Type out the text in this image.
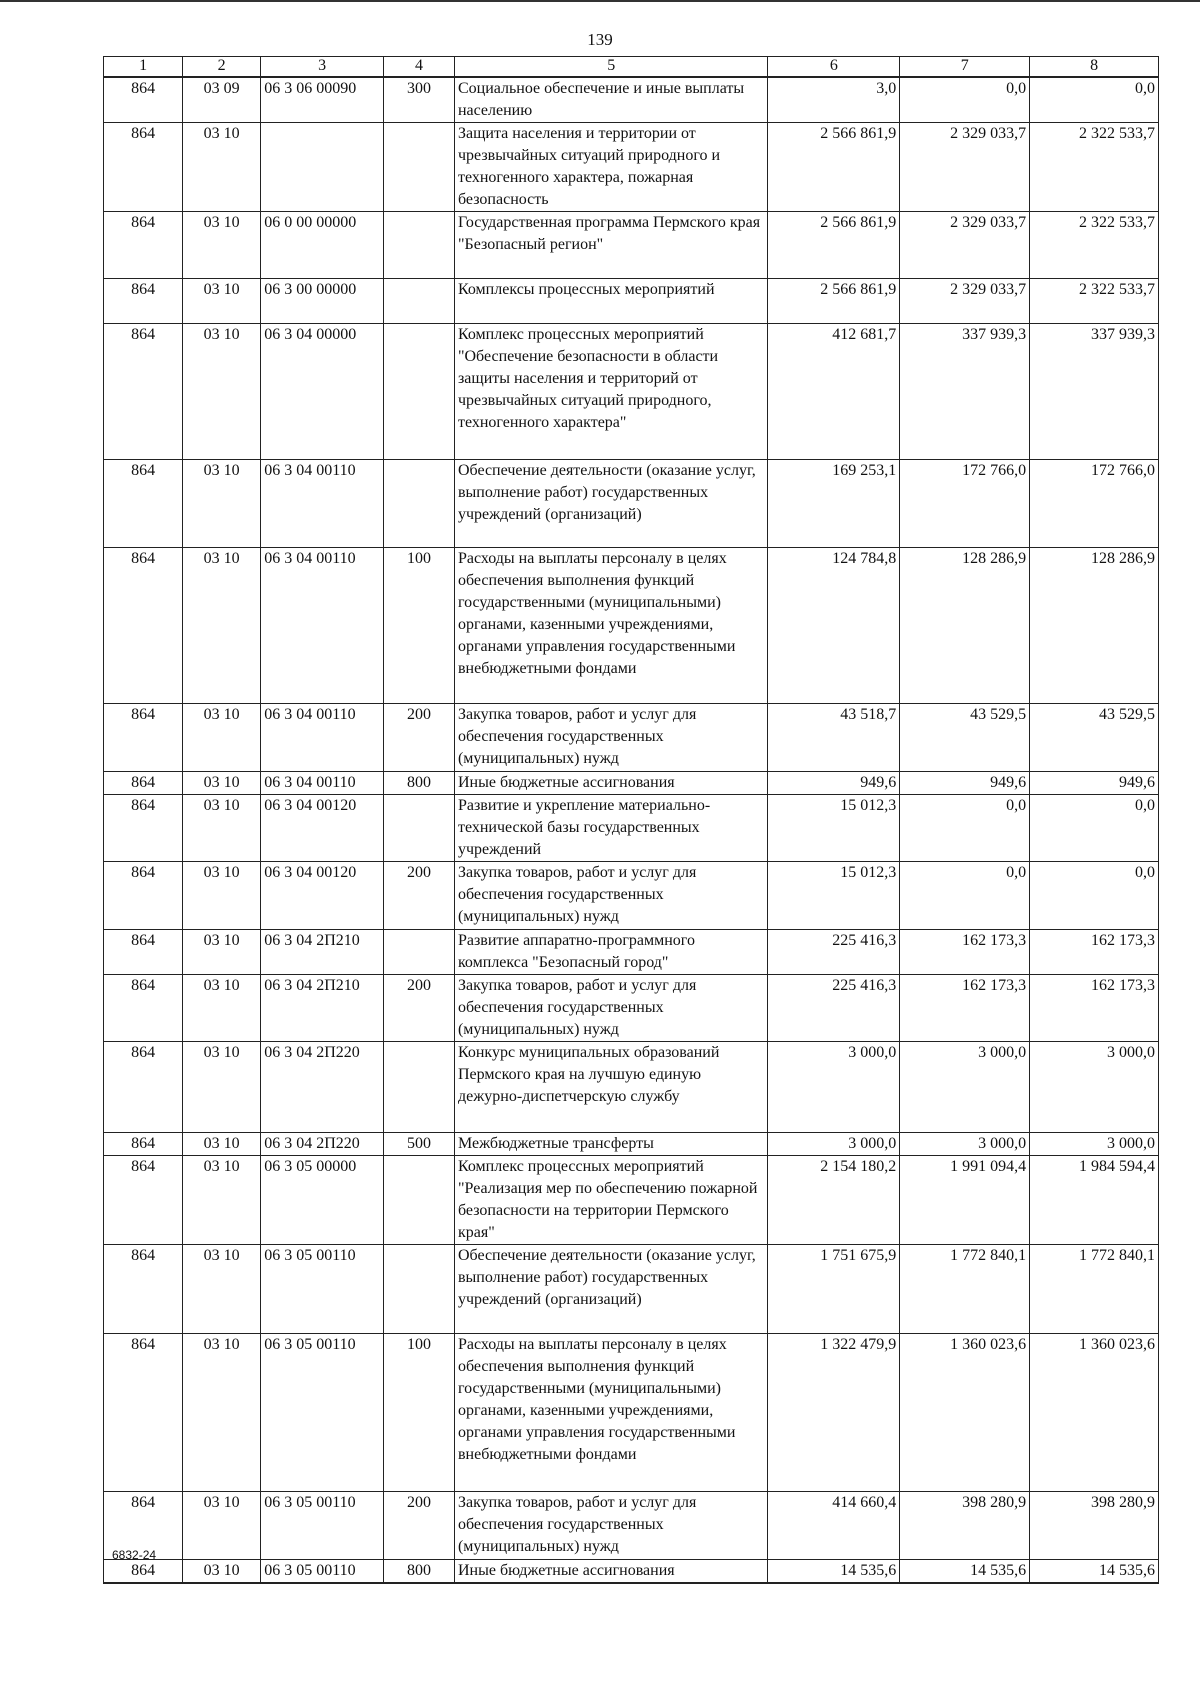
139
1	2	3	4	5	6	7	8
864	03 09	06 3 06 00090	300	Социальное обеспечение и иные выплаты населению	3,0	0,0	0,0
864	03 10			Защита населения и территории от чрезвычайных ситуаций природного и техногенного характера, пожарная безопасность	2 566 861,9	2 329 033,7	2 322 533,7
864	03 10	06 0 00 00000		Государственная программа Пермского края "Безопасный регион"	2 566 861,9	2 329 033,7	2 322 533,7
864	03 10	06 3 00 00000		Комплексы процессных мероприятий	2 566 861,9	2 329 033,7	2 322 533,7
864	03 10	06 3 04 00000		Комплекс процессных мероприятий "Обеспечение безопасности в области защиты населения и территорий от чрезвычайных ситуаций природного, техногенного характера"	412 681,7	337 939,3	337 939,3
864	03 10	06 3 04 00110		Обеспечение деятельности (оказание услуг, выполнение работ) государственных учреждений (организаций)	169 253,1	172 766,0	172 766,0
864	03 10	06 3 04 00110	100	Расходы на выплаты персоналу в целях обеспечения выполнения функций государственными (муниципальными) органами, казенными учреждениями, органами управления государственными внебюджетными фондами	124 784,8	128 286,9	128 286,9
864	03 10	06 3 04 00110	200	Закупка товаров, работ и услуг для обеспечения государственных (муниципальных) нужд	43 518,7	43 529,5	43 529,5
864	03 10	06 3 04 00110	800	Иные бюджетные ассигнования	949,6	949,6	949,6
864	03 10	06 3 04 00120		Развитие и укрепление материально-технической базы государственных учреждений	15 012,3	0,0	0,0
864	03 10	06 3 04 00120	200	Закупка товаров, работ и услуг для обеспечения государственных (муниципальных) нужд	15 012,3	0,0	0,0
864	03 10	06 3 04 2П210		Развитие аппаратно-программного комплекса "Безопасный город"	225 416,3	162 173,3	162 173,3
864	03 10	06 3 04 2П210	200	Закупка товаров, работ и услуг для обеспечения государственных (муниципальных) нужд	225 416,3	162 173,3	162 173,3
864	03 10	06 3 04 2П220		Конкурс муниципальных образований Пермского края на лучшую единую дежурно-диспетчерскую службу	3 000,0	3 000,0	3 000,0
864	03 10	06 3 04 2П220	500	Межбюджетные трансферты	3 000,0	3 000,0	3 000,0
864	03 10	06 3 05 00000		Комплекс процессных мероприятий "Реализация мер по обеспечению пожарной безопасности на территории Пермского края"	2 154 180,2	1 991 094,4	1 984 594,4
864	03 10	06 3 05 00110		Обеспечение деятельности (оказание услуг, выполнение работ) государственных учреждений (организаций)	1 751 675,9	1 772 840,1	1 772 840,1
864	03 10	06 3 05 00110	100	Расходы на выплаты персоналу в целях обеспечения выполнения функций государственными (муниципальными) органами, казенными учреждениями, органами управления государственными внебюджетными фондами	1 322 479,9	1 360 023,6	1 360 023,6
864	03 10	06 3 05 00110	200	Закупка товаров, работ и услуг для обеспечения государственных (муниципальных) нужд	414 660,4	398 280,9	398 280,9
864	03 10	06 3 05 00110	800	Иные бюджетные ассигнования	14 535,6	14 535,6	14 535,6
6832-24
